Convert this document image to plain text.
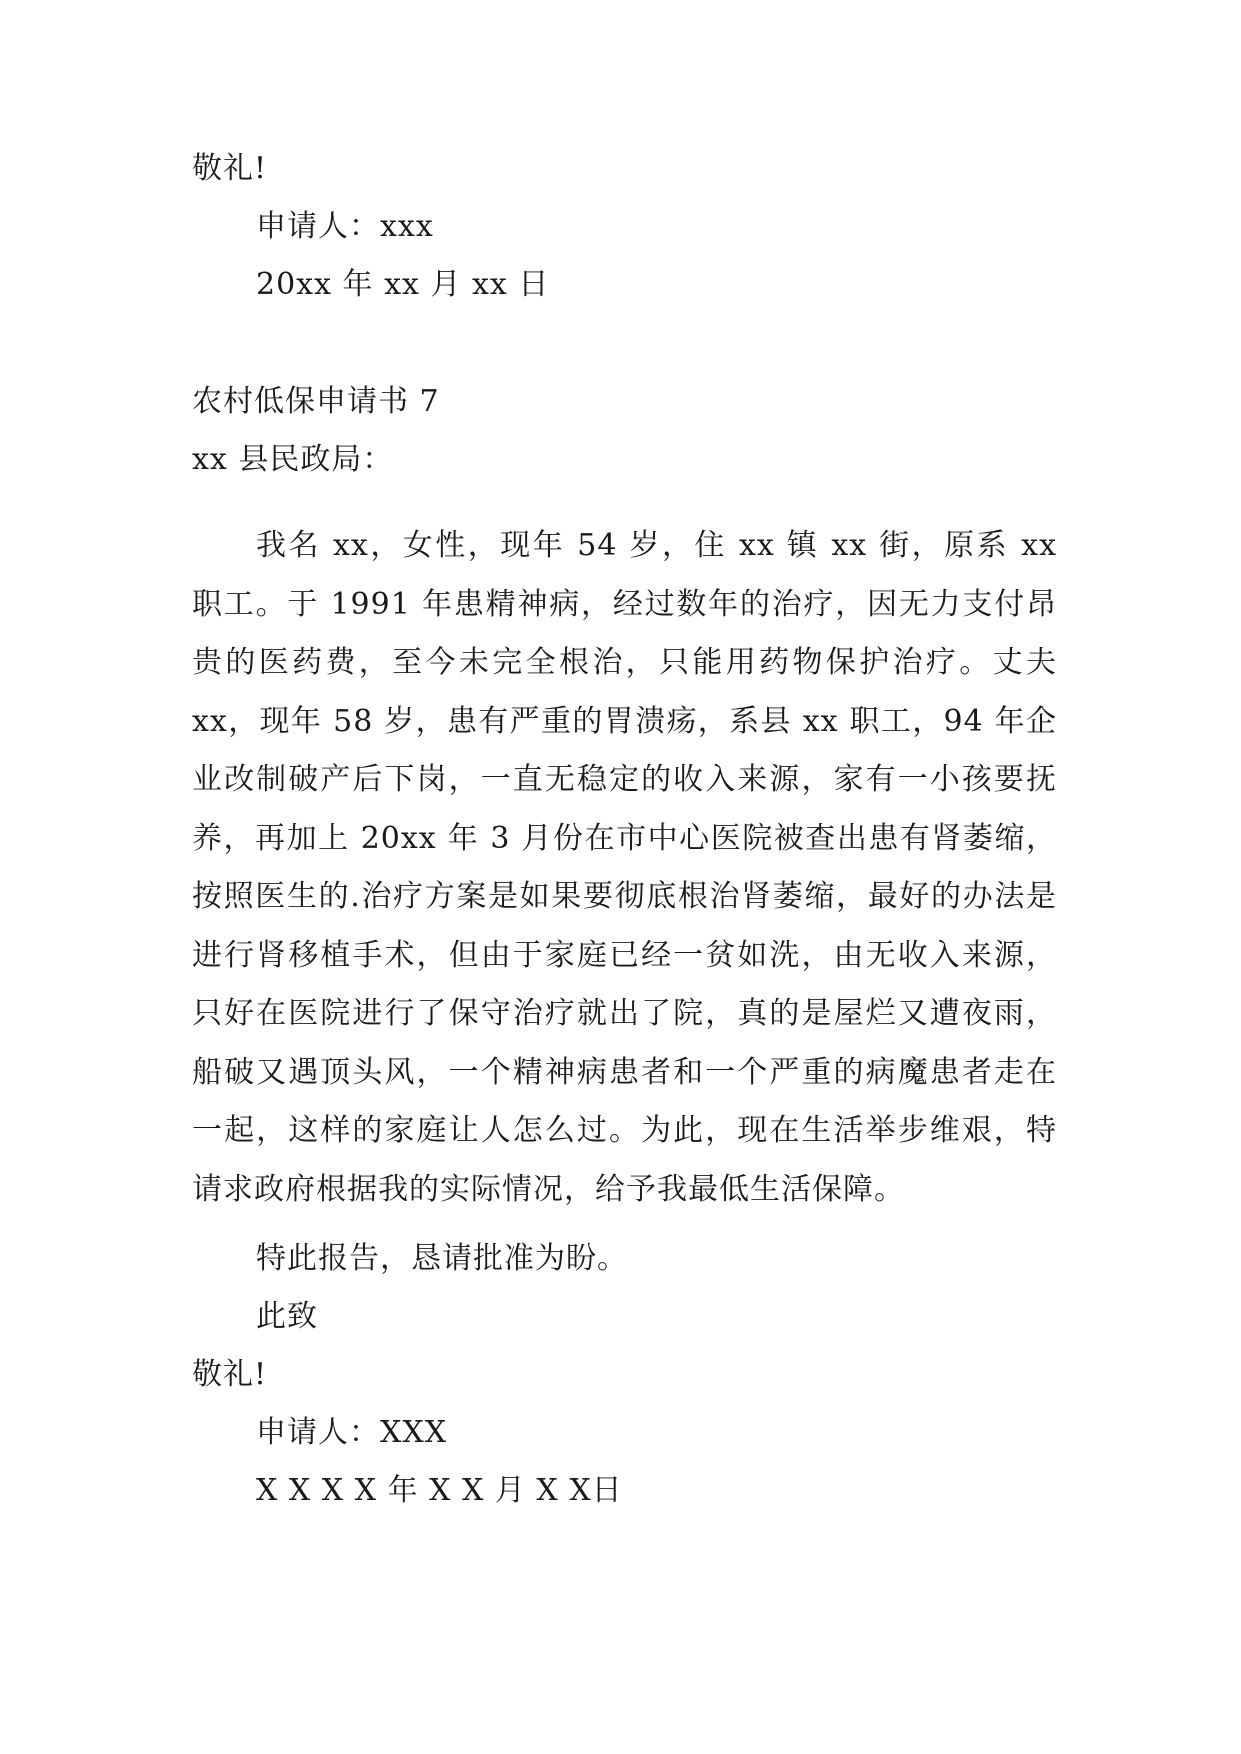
敬礼!
申请人：xxx
20xx 年 xx 月 xx 日
农村低保申请书 7
xx 县民政局：

我名 xx，女性，现年 54 岁，住 xx 镇 xx 街，原系 xx 职工。于 1991 年患精神病，经过数年的治疗，因无力支付昂贵的医药费，至今未完全根治，只能用药物保护治疗。丈夫 xx，现年 58 岁，患有严重的胃溃疡，系县 xx 职工，94 年企业改制破产后下岗，一直无稳定的收入来源，家有一小孩要抚养，再加上 20xx 年 3 月份在市中心医院被查出患有肾萎缩，按照医生的.治疗方案是如果要彻底根治肾萎缩，最好的办法是进行肾移植手术，但由于家庭已经一贫如洗，由无收入来源，只好在医院进行了保守治疗就出了院，真的是屋烂又遭夜雨，船破又遇顶头风，一个精神病患者和一个严重的病魔患者走在一起，这样的家庭让人怎么过。为此，现在生活举步维艰，特请求政府根据我的实际情况，给予我最低生活保障。

特此报告，恳请批准为盼。
此致
敬礼!
申请人：XXX
X X X X 年 X X 月 X X日
